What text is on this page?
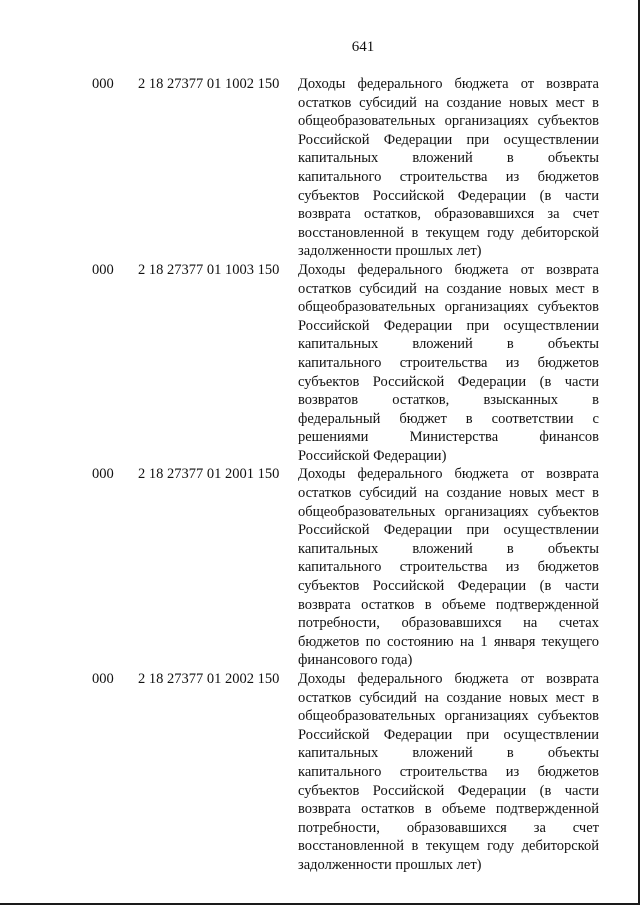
641
000	2 18 27377 01 1002 150	Доходы федерального бюджета от возврата
остатков субсидий на создание новых мест в
общеобразовательных организациях субъектов
Российской Федерации при осуществлении
капитальных вложений в объекты
капитального строительства из бюджетов
субъектов Российской Федерации (в части
возврата остатков, образовавшихся за счет
восстановленной в текущем году дебиторской
задолженности прошлых лет)
000	2 18 27377 01 1003 150	Доходы федерального бюджета от возврата
остатков субсидий на создание новых мест в
общеобразовательных организациях субъектов
Российской Федерации при осуществлении
капитальных вложений в объекты
капитального строительства из бюджетов
субъектов Российской Федерации (в части
возвратов остатков, взысканных в
федеральный бюджет в соответствии с
решениями Министерства финансов
Российской Федерации)
000	2 18 27377 01 2001 150	Доходы федерального бюджета от возврата
остатков субсидий на создание новых мест в
общеобразовательных организациях субъектов
Российской Федерации при осуществлении
капитальных вложений в объекты
капитального строительства из бюджетов
субъектов Российской Федерации (в части
возврата остатков в объеме подтвержденной
потребности, образовавшихся на счетах
бюджетов по состоянию на 1 января текущего
финансового года)
000	2 18 27377 01 2002 150	Доходы федерального бюджета от возврата
остатков субсидий на создание новых мест в
общеобразовательных организациях субъектов
Российской Федерации при осуществлении
капитальных вложений в объекты
капитального строительства из бюджетов
субъектов Российской Федерации (в части
возврата остатков в объеме подтвержденной
потребности, образовавшихся за счет
восстановленной в текущем году дебиторской
задолженности прошлых лет)
